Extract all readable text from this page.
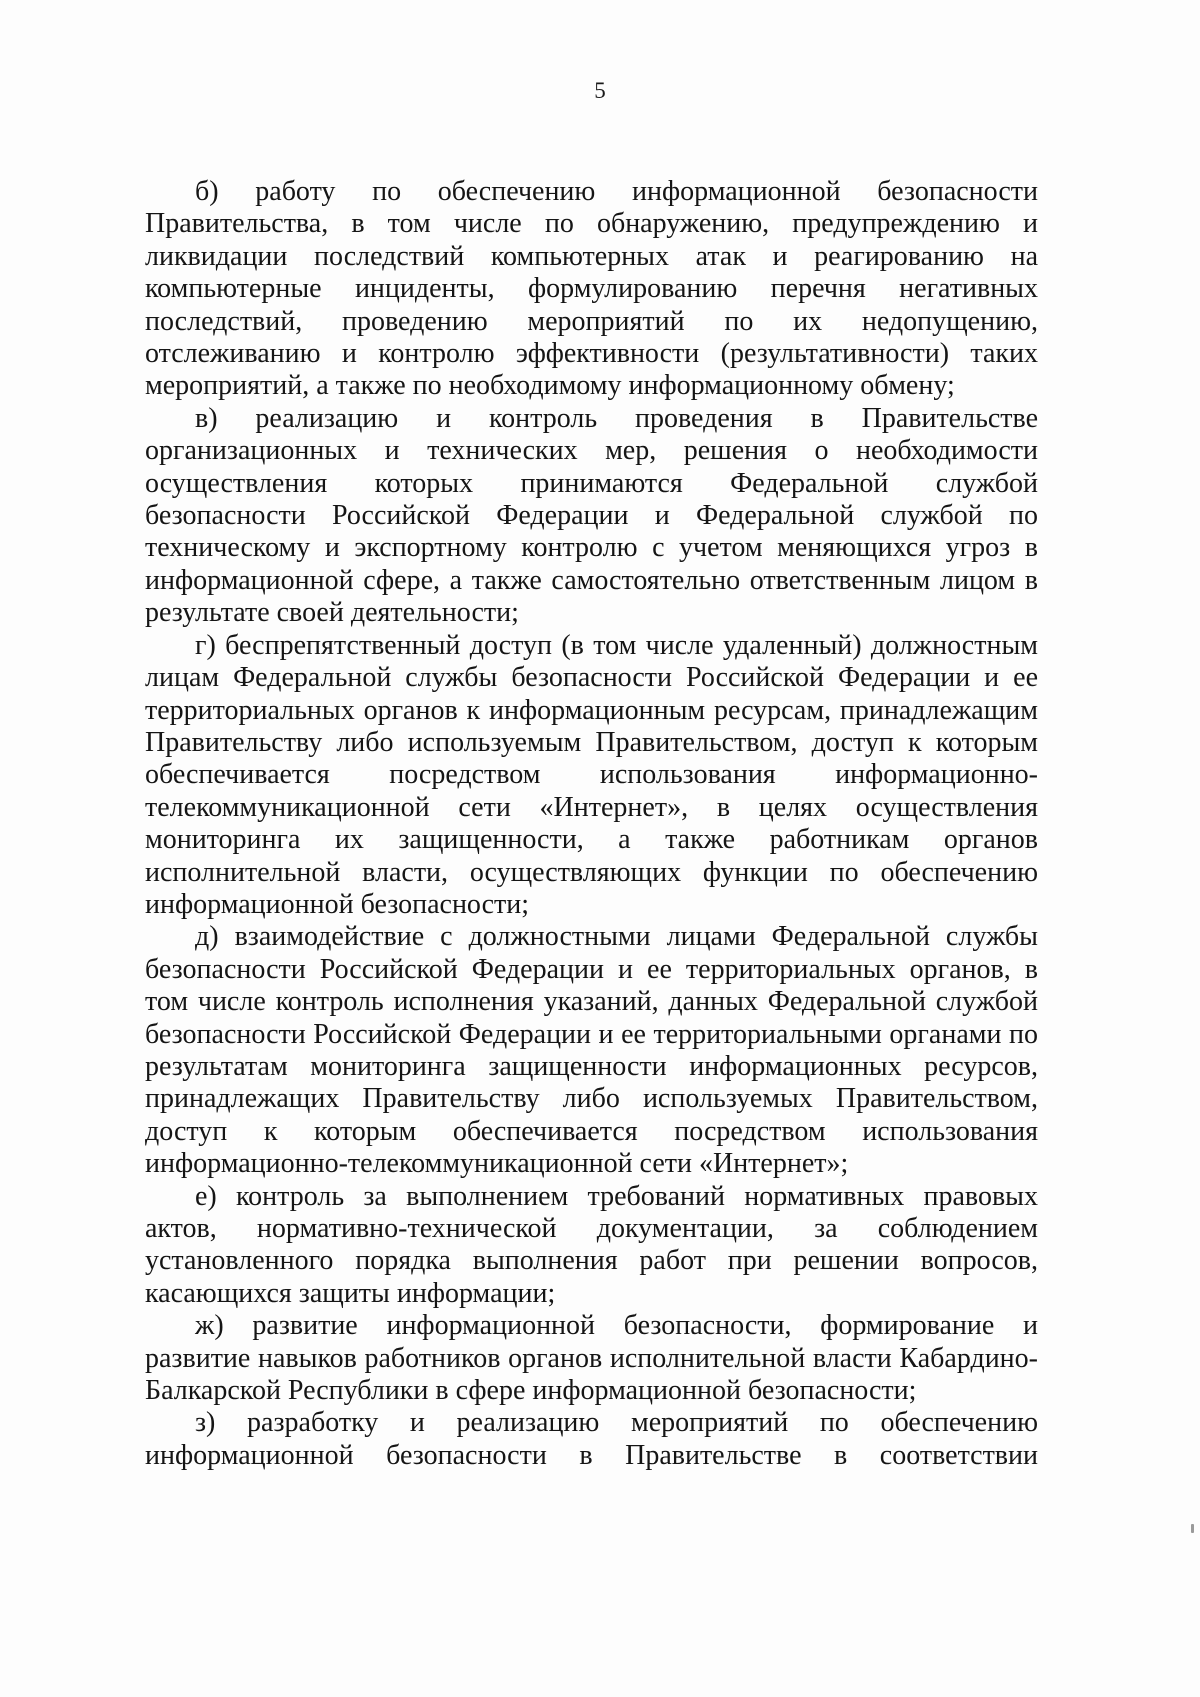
5

б) работу по обеспечению информационной безопасности Правительства, в том числе по обнаружению, предупреждению и ликвидации последствий компьютерных атак и реагированию на компьютерные инциденты, формулированию перечня негативных последствий, проведению мероприятий по их недопущению, отслеживанию и контролю эффективности (результативности) таких мероприятий, а также по необходимому информационному обмену;

в) реализацию и контроль проведения в Правительстве организационных и технических мер, решения о необходимости осуществления которых принимаются Федеральной службой безопасности Российской Федерации и Федеральной службой по техническому и экспортному контролю с учетом меняющихся угроз в информационной сфере, а также самостоятельно ответственным лицом в результате своей деятельности;

г) беспрепятственный доступ (в том числе удаленный) должностным лицам Федеральной службы безопасности Российской Федерации и ее территориальных органов к информационным ресурсам, принадлежащим Правительству либо используемым Правительством, доступ к которым обеспечивается посредством использования информационно-телекоммуникационной сети «Интернет», в целях осуществления мониторинга их защищенности, а также работникам органов исполнительной власти, осуществляющих функции по обеспечению информационной безопасности;

д) взаимодействие с должностными лицами Федеральной службы безопасности Российской Федерации и ее территориальных органов, в том числе контроль исполнения указаний, данных Федеральной службой безопасности Российской Федерации и ее территориальными органами по результатам мониторинга защищенности информационных ресурсов, принадлежащих Правительству либо используемых Правительством, доступ к которым обеспечивается посредством использования информационно-телекоммуникационной сети «Интернет»;

е) контроль за выполнением требований нормативных правовых актов, нормативно-технической документации, за соблюдением установленного порядка выполнения работ при решении вопросов, касающихся защиты информации;

ж) развитие информационной безопасности, формирование и развитие навыков работников органов исполнительной власти Кабардино-Балкарской Республики в сфере информационной безопасности;

з) разработку и реализацию мероприятий по обеспечению информационной безопасности в Правительстве в соответствии
